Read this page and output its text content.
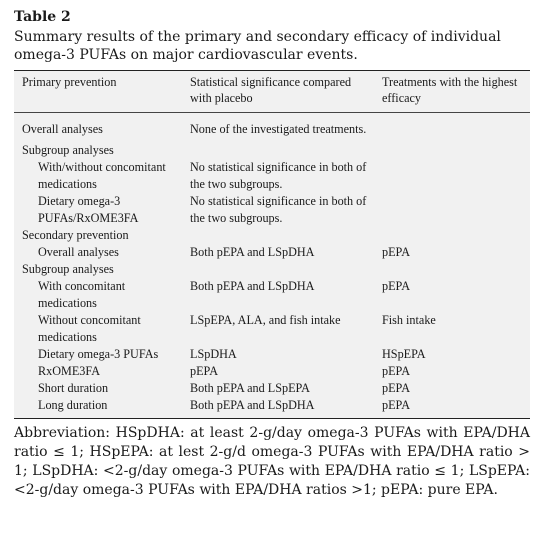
Table 2
Summary results of the primary and secondary efficacy of individual omega-3 PUFAs on major cardiovascular events.
Primary prevention	Statistical significance compared with placebo	Treatments with the highest efficacy

Overall analyses	None of the investigated treatments.	
Subgroup analyses		
With/without concomitant medications	No statistical significance in both of the two subgroups.	
Dietary omega-3 PUFAs/RxOME3FA	No statistical significance in both of the two subgroups.	
Secondary prevention		
Overall analyses	Both pEPA and LSpDHA	pEPA
Subgroup analyses		
With concomitant medications	Both pEPA and LSpDHA	pEPA
Without concomitant medications	LSpEPA, ALA, and fish intake	Fish intake
Dietary omega-3 PUFAs	LSpDHA	HSpEPA
RxOME3FA	pEPA	pEPA
Short duration	Both pEPA and LSpEPA	pEPA
Long duration	Both pEPA and LSpDHA	pEPA
Abbreviation: HSpDHA: at least 2-g/day omega-3 PUFAs with EPA/DHA ratio ≤ 1; HSpEPA: at lest 2-g/d omega-3 PUFAs with EPA/DHA ratio > 1; LSpDHA: <2-g/day omega-3 PUFAs with EPA/DHA ratio ≤ 1; LSpEPA: <2-g/day omega-3 PUFAs with EPA/DHA ratios >1; pEPA: pure EPA.
